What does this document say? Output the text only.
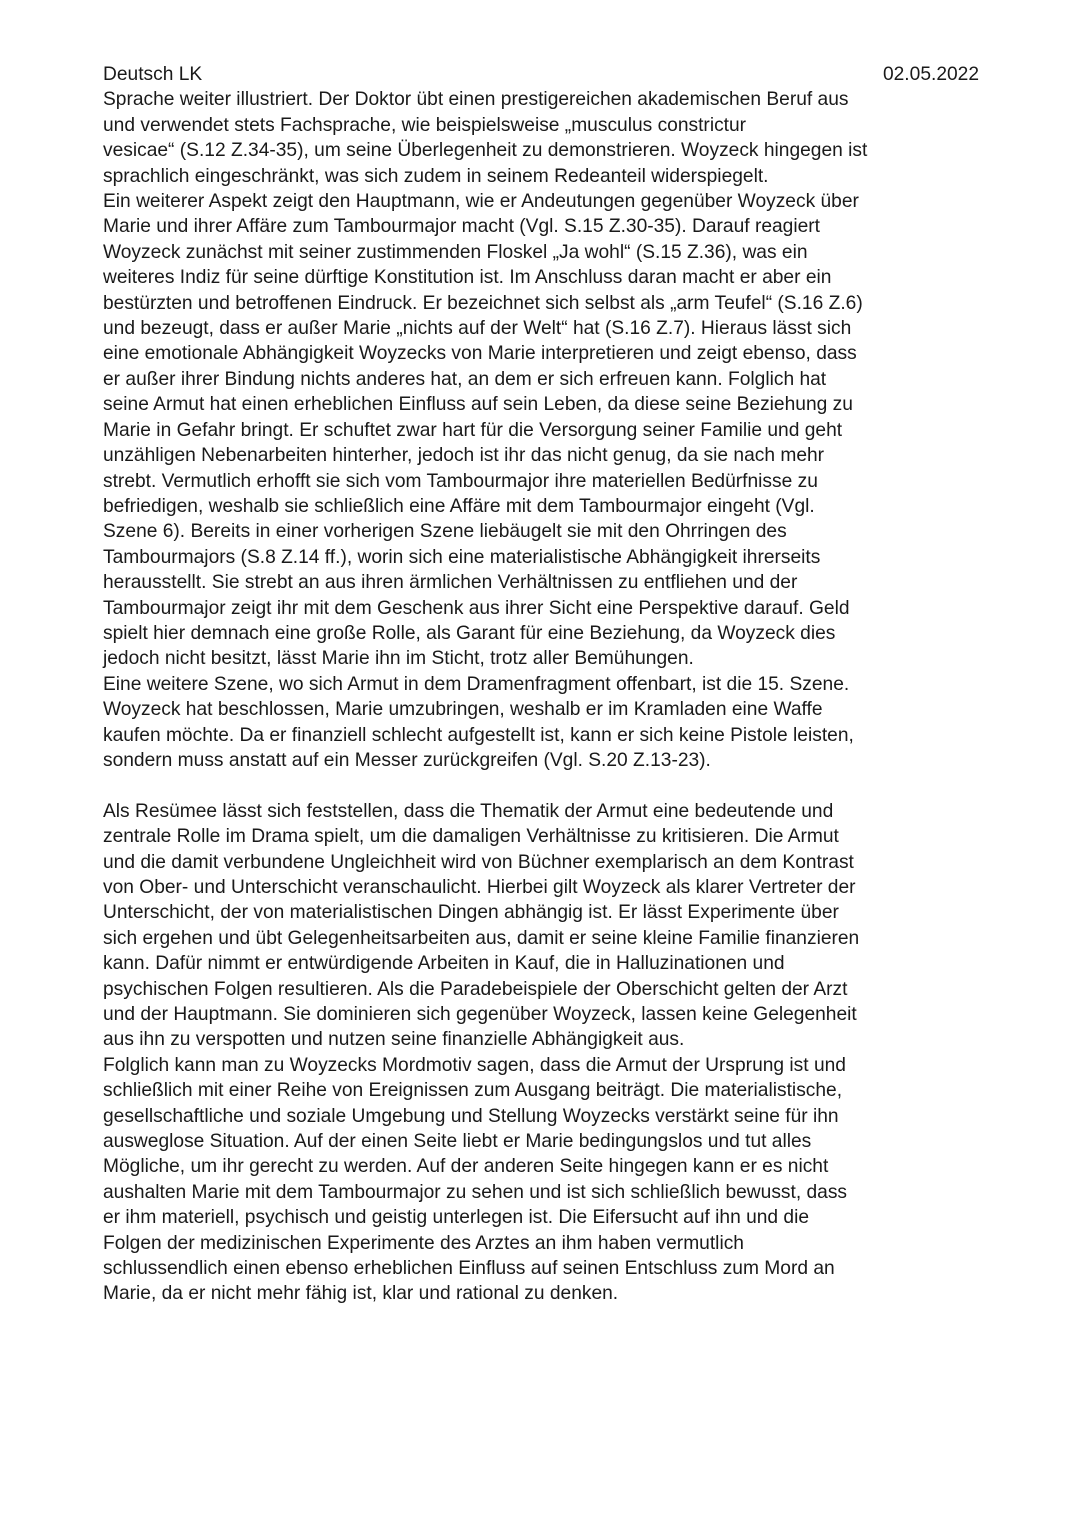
Deutsch LK	02.05.2022
Sprache weiter illustriert. Der Doktor übt einen prestigereichen akademischen Beruf aus
und verwendet stets Fachsprache, wie beispielsweise „musculus constrictur
vesicae“ (S.12 Z.34-35), um seine Überlegenheit zu demonstrieren. Woyzeck hingegen ist
sprachlich eingeschränkt, was sich zudem in seinem Redeanteil widerspiegelt.
Ein weiterer Aspekt zeigt den Hauptmann, wie er Andeutungen gegenüber Woyzeck über
Marie und ihrer Affäre zum Tambourmajor macht (Vgl. S.15 Z.30-35). Darauf reagiert
Woyzeck zunächst mit seiner zustimmenden Floskel „Ja wohl“ (S.15 Z.36), was ein
weiteres Indiz für seine dürftige Konstitution ist. Im Anschluss daran macht er aber ein
bestürzten und betroffenen Eindruck. Er bezeichnet sich selbst als „arm Teufel“ (S.16 Z.6)
und bezeugt, dass er außer Marie „nichts auf der Welt“ hat (S.16 Z.7). Hieraus lässt sich
eine emotionale Abhängigkeit Woyzecks von Marie interpretieren und zeigt ebenso, dass
er außer ihrer Bindung nichts anderes hat, an dem er sich erfreuen kann. Folglich hat
seine Armut hat einen erheblichen Einfluss auf sein Leben, da diese seine Beziehung zu
Marie in Gefahr bringt. Er schuftet zwar hart für die Versorgung seiner Familie und geht
unzähligen Nebenarbeiten hinterher, jedoch ist ihr das nicht genug, da sie nach mehr
strebt. Vermutlich erhofft sie sich vom Tambourmajor ihre materiellen Bedürfnisse zu
befriedigen, weshalb sie schließlich eine Affäre mit dem Tambourmajor eingeht (Vgl.
Szene 6). Bereits in einer vorherigen Szene liebäugelt sie mit den Ohrringen des
Tambourmajors (S.8 Z.14 ff.), worin sich eine materialistische Abhängigkeit ihrerseits
herausstellt. Sie strebt an aus ihren ärmlichen Verhältnissen zu entfliehen und der
Tambourmajor zeigt ihr mit dem Geschenk aus ihrer Sicht eine Perspektive darauf. Geld
spielt hier demnach eine große Rolle, als Garant für eine Beziehung, da Woyzeck dies
jedoch nicht besitzt, lässt Marie ihn im Sticht, trotz aller Bemühungen.
Eine weitere Szene, wo sich Armut in dem Dramenfragment offenbart, ist die 15. Szene.
Woyzeck hat beschlossen, Marie umzubringen, weshalb er im Kramladen eine Waffe
kaufen möchte. Da er finanziell schlecht aufgestellt ist, kann er sich keine Pistole leisten,
sondern muss anstatt auf ein Messer zurückgreifen (Vgl. S.20 Z.13-23).
Als Resümee lässt sich feststellen, dass die Thematik der Armut eine bedeutende und
zentrale Rolle im Drama spielt, um die damaligen Verhältnisse zu kritisieren. Die Armut
und die damit verbundene Ungleichheit wird von Büchner exemplarisch an dem Kontrast
von Ober- und Unterschicht veranschaulicht. Hierbei gilt Woyzeck als klarer Vertreter der
Unterschicht, der von materialistischen Dingen abhängig ist. Er lässt Experimente über
sich ergehen und übt Gelegenheitsarbeiten aus, damit er seine kleine Familie finanzieren
kann. Dafür nimmt er entwürdigende Arbeiten in Kauf, die in Halluzinationen und
psychischen Folgen resultieren. Als die Paradebeispiele der Oberschicht gelten der Arzt
und der Hauptmann. Sie dominieren sich gegenüber Woyzeck, lassen keine Gelegenheit
aus ihn zu verspotten und nutzen seine finanzielle Abhängigkeit aus.
Folglich kann man zu Woyzecks Mordmotiv sagen, dass die Armut der Ursprung ist und
schließlich mit einer Reihe von Ereignissen zum Ausgang beiträgt. Die materialistische,
gesellschaftliche und soziale Umgebung und Stellung Woyzecks verstärkt seine für ihn
ausweglose Situation. Auf der einen Seite liebt er Marie bedingungslos und tut alles
Mögliche, um ihr gerecht zu werden. Auf der anderen Seite hingegen kann er es nicht
aushalten Marie mit dem Tambourmajor zu sehen und ist sich schließlich bewusst, dass
er ihm materiell, psychisch und geistig unterlegen ist. Die Eifersucht auf ihn und die
Folgen der medizinischen Experimente des Arztes an ihm haben vermutlich
schlussendlich einen ebenso erheblichen Einfluss auf seinen Entschluss zum Mord an
Marie, da er nicht mehr fähig ist, klar und rational zu denken.
